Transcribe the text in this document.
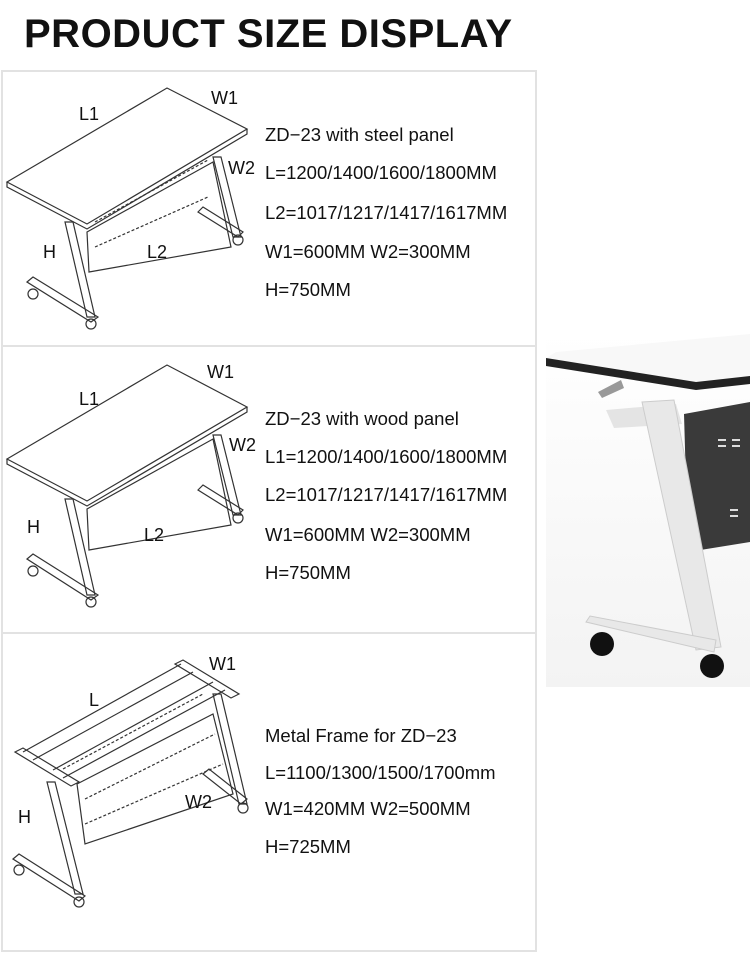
PRODUCT SIZE DISPLAY
L1
W1
W2
H	L2
ZD−23 with steel panel
L=1200/1400/1600/1800MM
L2=1017/1217/1417/1617MM
W1=600MM W2=300MM
H=750MM
L1
W1
W2
H	L2
ZD−23 with wood panel
L1=1200/1400/1600/1800MM
L2=1017/1217/1417/1617MM
W1=600MM W2=300MM
H=750MM
L
W1
W2
H
Metal Frame for ZD−23
L=1100/1300/1500/1700mm
W1=420MM W2=500MM
H=725MM
